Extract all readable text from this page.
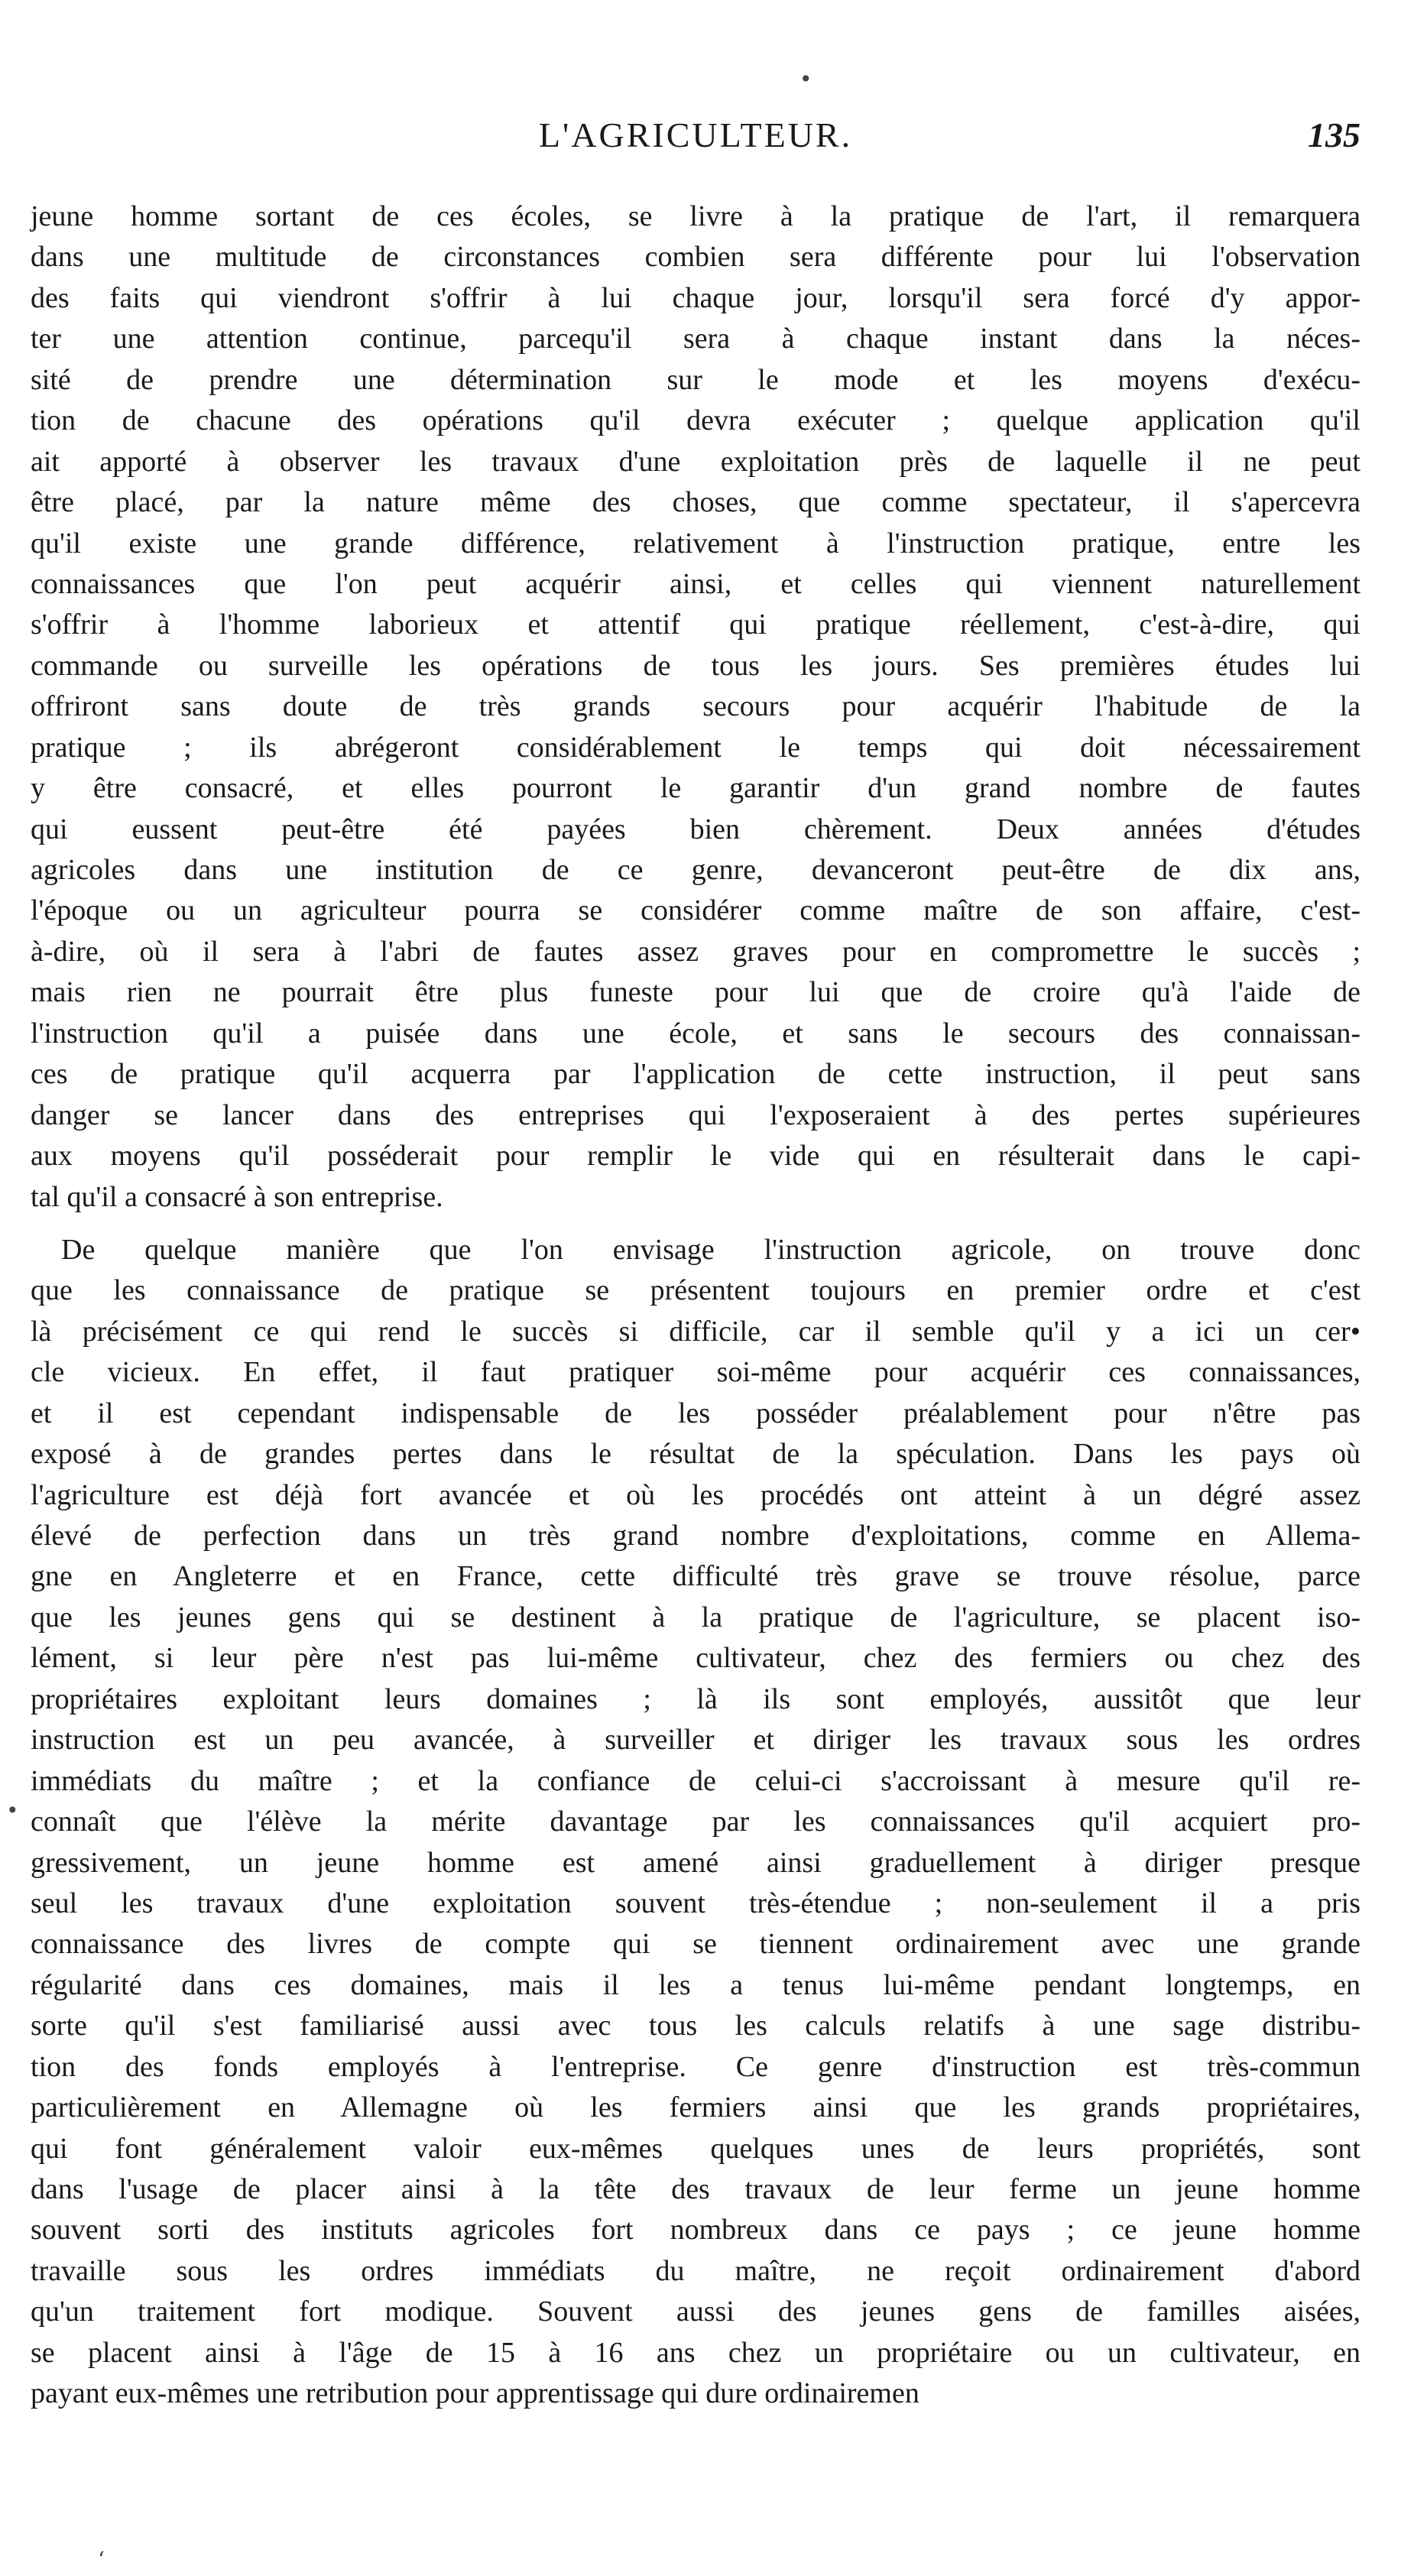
•
•
‘
L'AGRICULTEUR.	135
jeune homme sortant de ces écoles, se livre à la pratique de l'art, il remarquera
dans une multitude de circonstances combien sera différente pour lui l'observation
des faits qui viendront s'offrir à lui chaque jour, lorsqu'il sera forcé d'y appor-
ter une attention continue, parcequ'il sera à chaque instant dans la néces-
sité de prendre une détermination sur le mode et les moyens d'exécu-
tion de chacune des opérations qu'il devra exécuter ; quelque application qu'il
ait apporté à observer les travaux d'une exploitation près de laquelle il ne peut
être placé, par la nature même des choses, que comme spectateur, il s'apercevra
qu'il existe une grande différence, relativement à l'instruction pratique, entre les
connaissances que l'on peut acquérir ainsi, et celles qui viennent naturellement
s'offrir à l'homme laborieux et attentif qui pratique réellement, c'est-à-dire, qui
commande ou surveille les opérations de tous les jours. Ses premières études lui
offriront sans doute de très grands secours pour acquérir l'habitude de la
pratique ; ils abrégeront considérablement le temps qui doit nécessairement
y être consacré, et elles pourront le garantir d'un grand nombre de fautes
qui eussent peut-être été payées bien chèrement. Deux années d'études
agricoles dans une institution de ce genre, devanceront peut-être de dix ans,
l'époque ou un agriculteur pourra se considérer comme maître de son affaire, c'est-
à-dire, où il sera à l'abri de fautes assez graves pour en compromettre le succès ;
mais rien ne pourrait être plus funeste pour lui que de croire qu'à l'aide de
l'instruction qu'il a puisée dans une école, et sans le secours des connaissan-
ces de pratique qu'il acquerra par l'application de cette instruction, il peut sans
danger se lancer dans des entreprises qui l'exposeraient à des pertes supérieures
aux moyens qu'il posséderait pour remplir le vide qui en résulterait dans le capi-
tal qu'il a consacré à son entreprise.
De quelque manière que l'on envisage l'instruction agricole, on trouve donc
que les connaissance de pratique se présentent toujours en premier ordre et c'est
là précisément ce qui rend le succès si difficile, car il semble qu'il y a ici un cer•
cle vicieux. En effet, il faut pratiquer soi-même pour acquérir ces connaissances,
et il est cependant indispensable de les posséder préalablement pour n'être pas
exposé à de grandes pertes dans le résultat de la spéculation. Dans les pays où
l'agriculture est déjà fort avancée et où les procédés ont atteint à un dégré assez
élevé de perfection dans un très grand nombre d'exploitations, comme en Allema-
gne en Angleterre et en France, cette difficulté très grave se trouve résolue, parce
que les jeunes gens qui se destinent à la pratique de l'agriculture, se placent iso-
lément, si leur père n'est pas lui-même cultivateur, chez des fermiers ou chez des
propriétaires exploitant leurs domaines ; là ils sont employés, aussitôt que leur
instruction est un peu avancée, à surveiller et diriger les travaux sous les ordres
immédiats du maître ; et la confiance de celui-ci s'accroissant à mesure qu'il re-
connaît que l'élève la mérite davantage par les connaissances qu'il acquiert pro-
gressivement, un jeune homme est amené ainsi graduellement à diriger presque
seul les travaux d'une exploitation souvent très-étendue ; non-seulement il a pris
connaissance des livres de compte qui se tiennent ordinairement avec une grande
régularité dans ces domaines, mais il les a tenus lui-même pendant longtemps, en
sorte qu'il s'est familiarisé aussi avec tous les calculs relatifs à une sage distribu-
tion des fonds employés à l'entreprise. Ce genre d'instruction est très-commun
particulièrement en Allemagne où les fermiers ainsi que les grands propriétaires,
qui font généralement valoir eux-mêmes quelques unes de leurs propriétés, sont
dans l'usage de placer ainsi à la tête des travaux de leur ferme un jeune homme
souvent sorti des instituts agricoles fort nombreux dans ce pays ; ce jeune homme
travaille sous les ordres immédiats du maître, ne reçoit ordinairement d'abord
qu'un traitement fort modique. Souvent aussi des jeunes gens de familles aisées,
se placent ainsi à l'âge de 15 à 16 ans chez un propriétaire ou un cultivateur, en
payant eux-mêmes une retribution pour apprentissage qui dure ordinairemen
